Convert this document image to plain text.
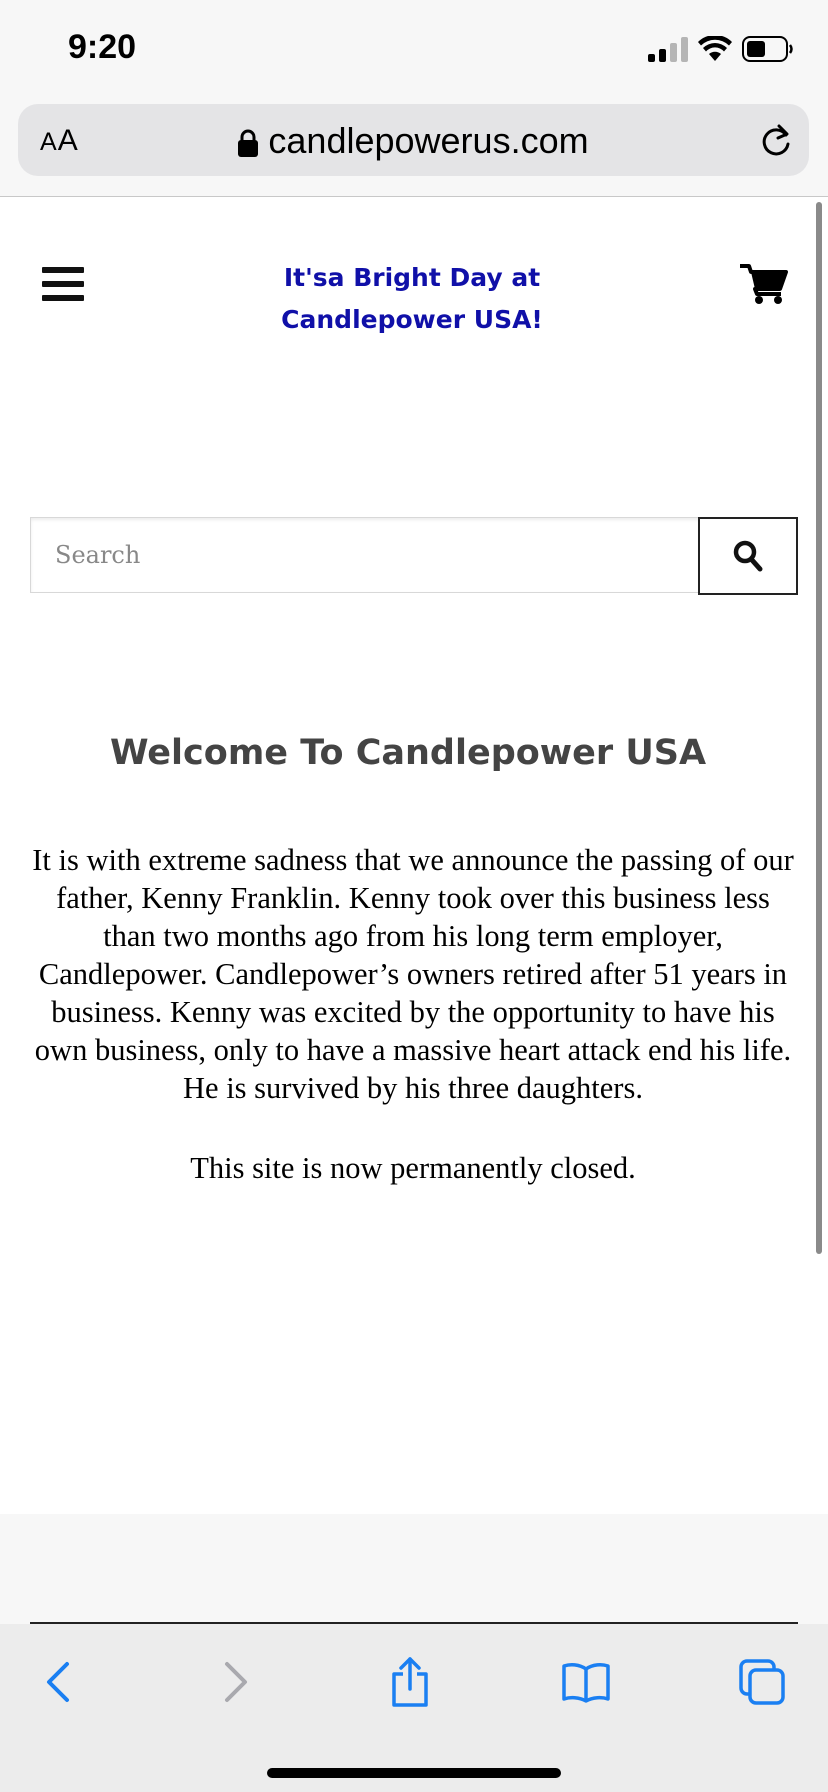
9:20
AA	candlepowerus.com
It'sa Bright Day at
Candlepower USA!
Search
Welcome To Candlepower USA
It is with extreme sadness that we announce the passing of our father, Kenny Franklin. Kenny took over this business less than two months ago from his long term employer, Candlepower. Candlepower’s owners retired after 51 years in business. Kenny was excited by the opportunity to have his own business, only to have a massive heart attack end his life. He is survived by his three daughters.
This site is now permanently closed.
